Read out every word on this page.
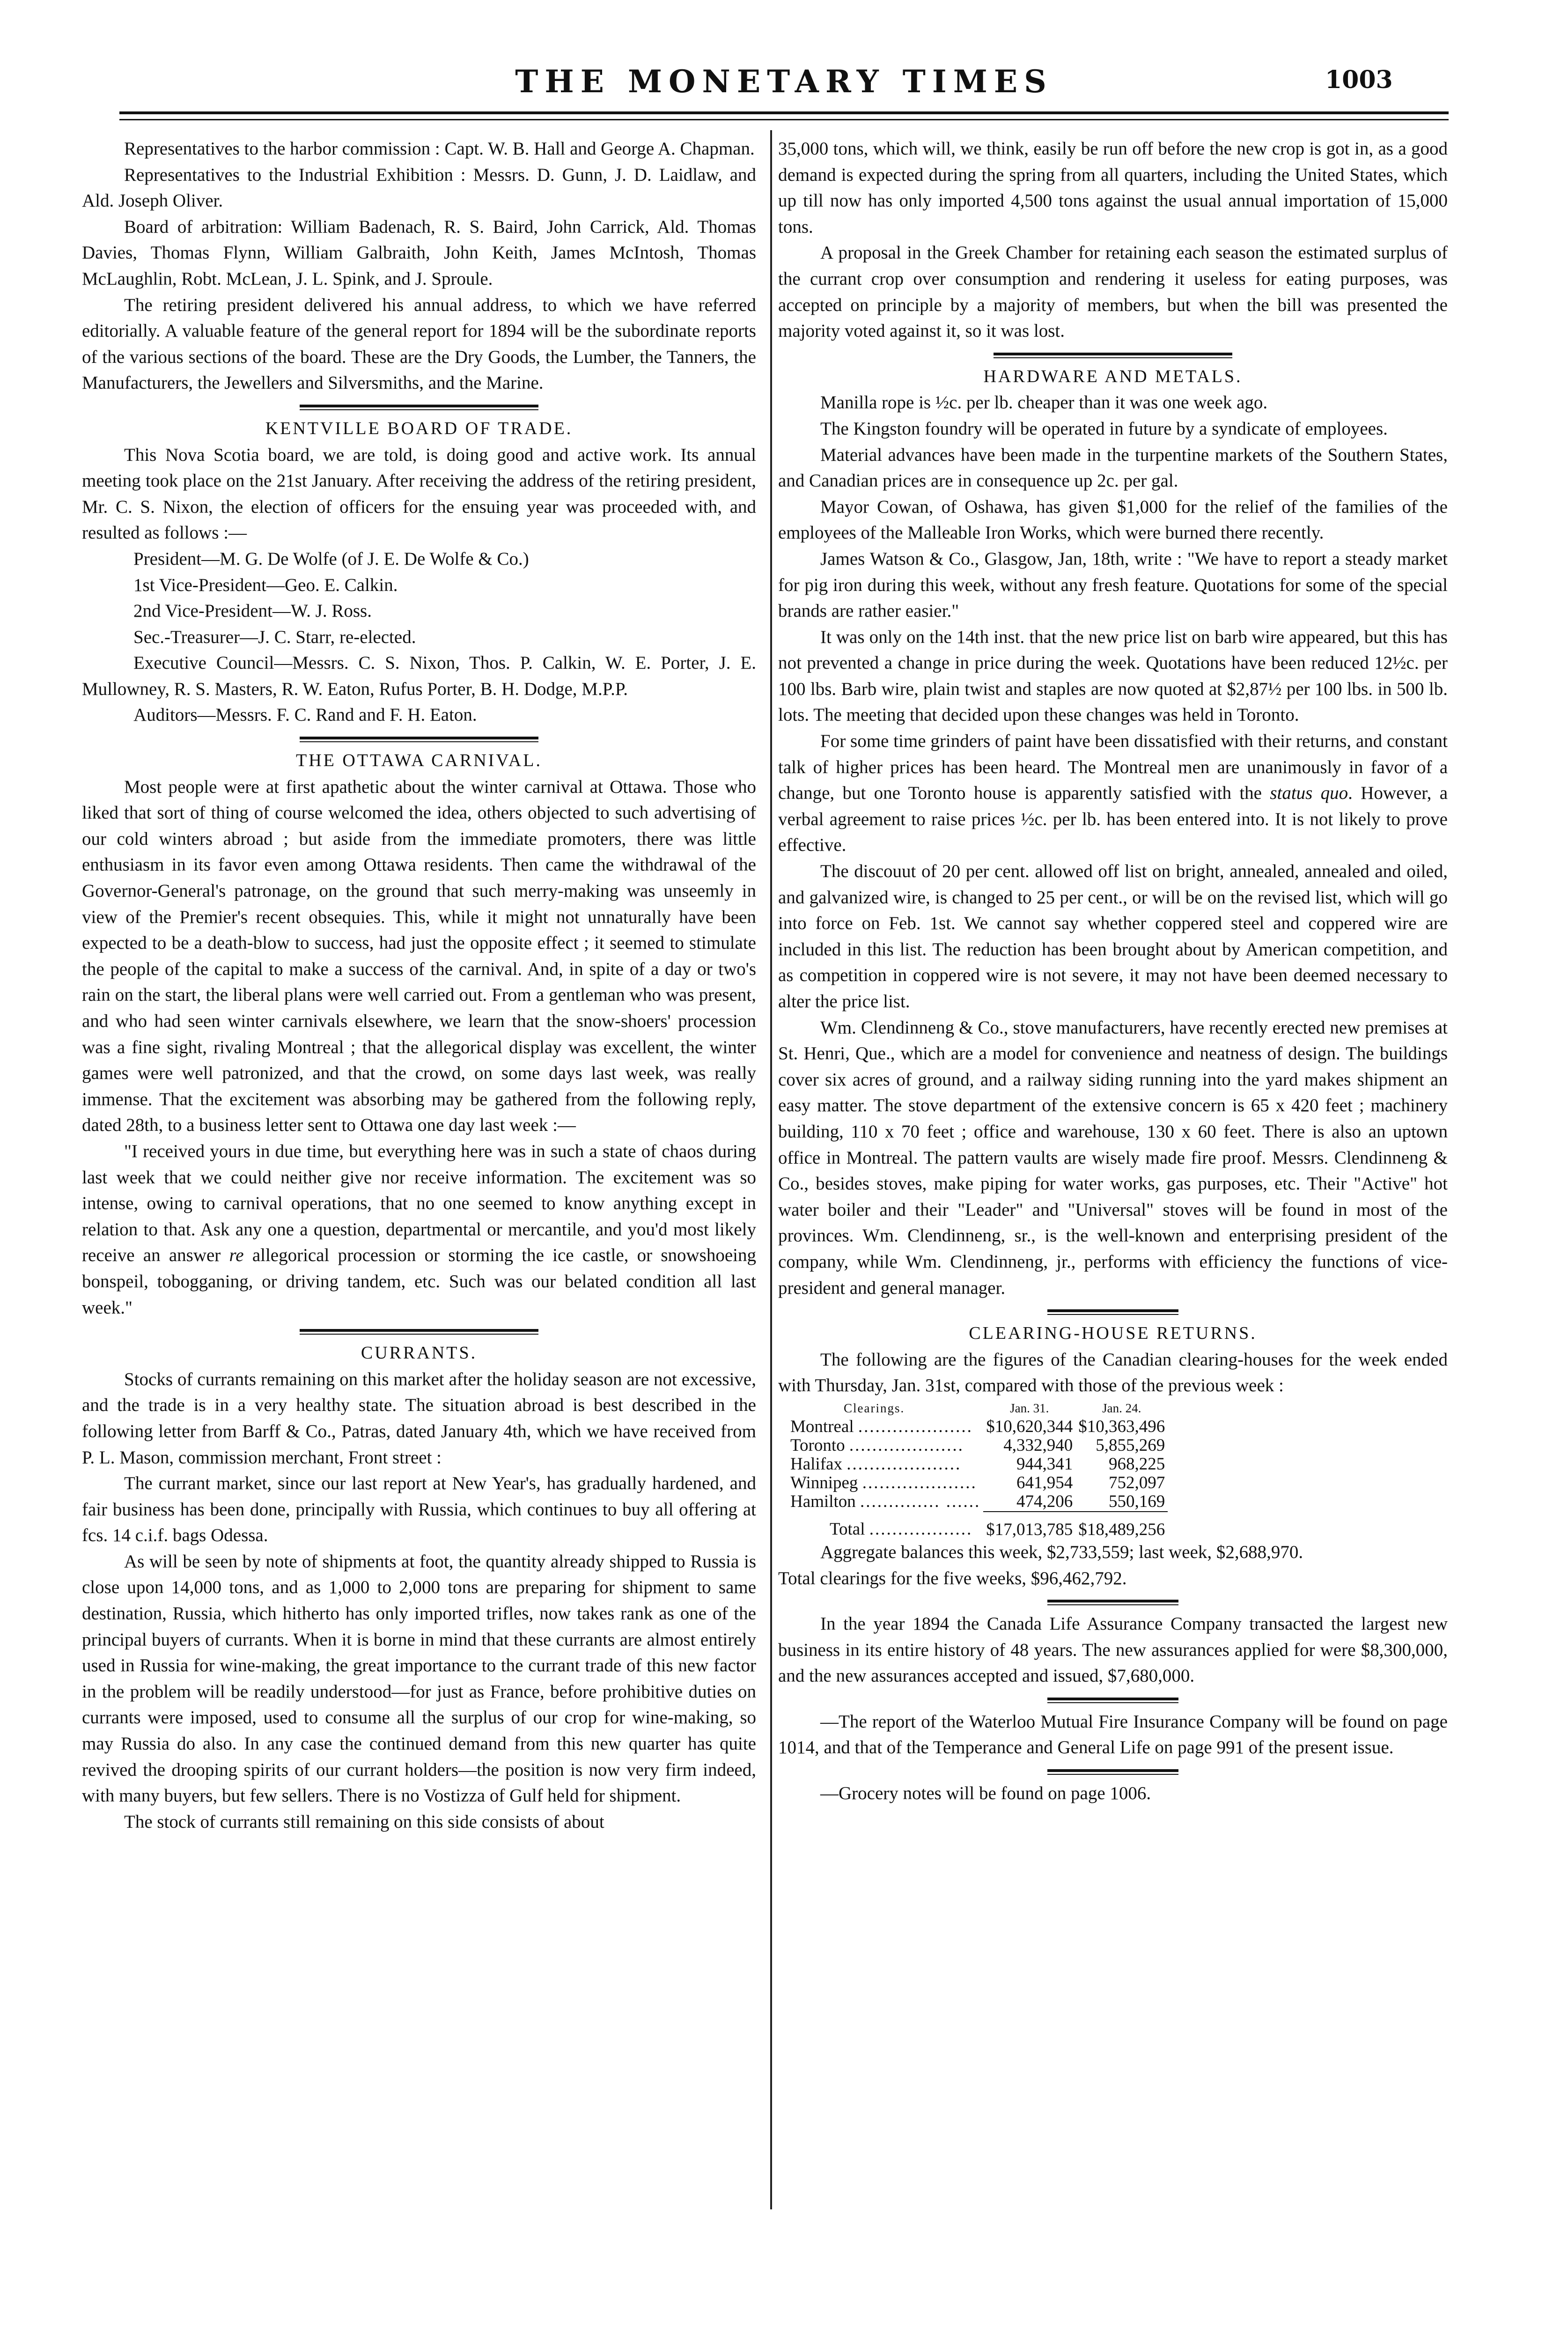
THE MONETARY TIMES	1003

Representatives to the harbor commission : Capt. W. B. Hall and George A. Chapman.

Representatives to the Industrial Exhibition : Messrs. D. Gunn, J. D. Laidlaw, and Ald. Joseph Oliver.

Board of arbitration: William Badenach, R. S. Baird, John Carrick, Ald. Thomas Davies, Thomas Flynn, William Galbraith, John Keith, James McIntosh, Thomas McLaughlin, Robt. McLean, J. L. Spink, and J. Sproule.

The retiring president delivered his annual address, to which we have referred editorially. A valuable feature of the general report for 1894 will be the subordinate reports of the various sections of the board. These are the Dry Goods, the Lumber, the Tanners, the Manufacturers, the Jewellers and Silversmiths, and the Marine.

KENTVILLE BOARD OF TRADE.

This Nova Scotia board, we are told, is doing good and active work. Its annual meeting took place on the 21st January. After receiving the address of the retiring president, Mr. C. S. Nixon, the election of officers for the ensuing year was proceeded with, and resulted as follows :—

President—M. G. De Wolfe (of J. E. De Wolfe & Co.)

1st Vice-President—Geo. E. Calkin.

2nd Vice-President—W. J. Ross.

Sec.-Treasurer—J. C. Starr, re-elected.

Executive Council—Messrs. C. S. Nixon, Thos. P. Calkin, W. E. Porter, J. E. Mullowney, R. S. Masters, R. W. Eaton, Rufus Porter, B. H. Dodge, M.P.P.

Auditors—Messrs. F. C. Rand and F. H. Eaton.

THE OTTAWA CARNIVAL.

Most people were at first apathetic about the winter carnival at Ottawa. Those who liked that sort of thing of course welcomed the idea, others objected to such advertising of our cold winters abroad ; but aside from the immediate promoters, there was little enthusiasm in its favor even among Ottawa residents. Then came the withdrawal of the Governor-General's patronage, on the ground that such merry-making was unseemly in view of the Premier's recent obsequies. This, while it might not unnaturally have been expected to be a death-blow to success, had just the opposite effect ; it seemed to stimulate the people of the capital to make a success of the carnival. And, in spite of a day or two's rain on the start, the liberal plans were well carried out. From a gentleman who was present, and who had seen winter carnivals elsewhere, we learn that the snow-shoers' procession was a fine sight, rivaling Montreal ; that the allegorical display was excellent, the winter games were well patronized, and that the crowd, on some days last week, was really immense. That the excitement was absorbing may be gathered from the following reply, dated 28th, to a business letter sent to Ottawa one day last week :—

"I received yours in due time, but everything here was in such a state of chaos during last week that we could neither give nor receive information. The excitement was so intense, owing to carnival operations, that no one seemed to know anything except in relation to that. Ask any one a question, departmental or mercantile, and you'd most likely receive an answer re allegorical procession or storming the ice castle, or snowshoeing bonspeil, tobogganing, or driving tandem, etc. Such was our belated condition all last week."

CURRANTS.

Stocks of currants remaining on this market after the holiday season are not excessive, and the trade is in a very healthy state. The situation abroad is best described in the following letter from Barff & Co., Patras, dated January 4th, which we have received from P. L. Mason, commission merchant, Front street :

The currant market, since our last report at New Year's, has gradually hardened, and fair business has been done, principally with Russia, which continues to buy all offering at fcs. 14 c.i.f. bags Odessa.

As will be seen by note of shipments at foot, the quantity already shipped to Russia is close upon 14,000 tons, and as 1,000 to 2,000 tons are preparing for shipment to same destination, Russia, which hitherto has only imported trifles, now takes rank as one of the principal buyers of currants. When it is borne in mind that these currants are almost entirely used in Russia for wine-making, the great importance to the currant trade of this new factor in the problem will be readily understood—for just as France, before prohibitive duties on currants were imposed, used to consume all the surplus of our crop for wine-making, so may Russia do also. In any case the continued demand from this new quarter has quite revived the drooping spirits of our currant holders—the position is now very firm indeed, with many buyers, but few sellers. There is no Vostizza of Gulf held for shipment.

The stock of currants still remaining on this side consists of about

35,000 tons, which will, we think, easily be run off before the new crop is got in, as a good demand is expected during the spring from all quarters, including the United States, which up till now has only imported 4,500 tons against the usual annual importation of 15,000 tons.

A proposal in the Greek Chamber for retaining each season the estimated surplus of the currant crop over consumption and rendering it useless for eating purposes, was accepted on principle by a majority of members, but when the bill was presented the majority voted against it, so it was lost.

HARDWARE AND METALS.

Manilla rope is ½c. per lb. cheaper than it was one week ago.

The Kingston foundry will be operated in future by a syndicate of employees.

Material advances have been made in the turpentine markets of the Southern States, and Canadian prices are in consequence up 2c. per gal.

Mayor Cowan, of Oshawa, has given $1,000 for the relief of the families of the employees of the Malleable Iron Works, which were burned there recently.

James Watson & Co., Glasgow, Jan, 18th, write : "We have to report a steady market for pig iron during this week, without any fresh feature. Quotations for some of the special brands are rather easier."

It was only on the 14th inst. that the new price list on barb wire appeared, but this has not prevented a change in price during the week. Quotations have been reduced 12½c. per 100 lbs. Barb wire, plain twist and staples are now quoted at $2,87½ per 100 lbs. in 500 lb. lots. The meeting that decided upon these changes was held in Toronto.

For some time grinders of paint have been dissatisfied with their returns, and constant talk of higher prices has been heard. The Montreal men are unanimously in favor of a change, but one Toronto house is apparently satisfied with the status quo. However, a verbal agreement to raise prices ½c. per lb. has been entered into. It is not likely to prove effective.

The discouut of 20 per cent. allowed off list on bright, annealed, annealed and oiled, and galvanized wire, is changed to 25 per cent., or will be on the revised list, which will go into force on Feb. 1st. We cannot say whether coppered steel and coppered wire are included in this list. The reduction has been brought about by American competition, and as competition in coppered wire is not severe, it may not have been deemed necessary to alter the price list.

Wm. Clendinneng & Co., stove manufacturers, have recently erected new premises at St. Henri, Que., which are a model for convenience and neatness of design. The buildings cover six acres of ground, and a railway siding running into the yard makes shipment an easy matter. The stove department of the extensive concern is 65 x 420 feet ; machinery building, 110 x 70 feet ; office and warehouse, 130 x 60 feet. There is also an uptown office in Montreal. The pattern vaults are wisely made fire proof. Messrs. Clendinneng & Co., besides stoves, make piping for water works, gas purposes, etc. Their "Active" hot water boiler and their "Leader" and "Universal" stoves will be found in most of the provinces. Wm. Clendinneng, sr., is the well-known and enterprising president of the company, while Wm. Clendinneng, jr., performs with efficiency the functions of vice-president and general manager.

CLEARING-HOUSE RETURNS.

The following are the figures of the Canadian clearing-houses for the week ended with Thursday, Jan. 31st, compared with those of the previous week :

Clearings.	Jan. 31.	Jan. 24.
Montreal ....................	$10,620,344	$10,363,496
Toronto ....................	4,332,940	5,855,269
Halifax ....................	944,341	968,225
Winnipeg ....................	641,954	752,097
Hamilton .............. ......	474,206	550,169
Total ..................	$17,013,785	$18,489,256

Aggregate balances this week, $2,733,559; last week, $2,688,970.

Total clearings for the five weeks, $96,462,792.

In the year 1894 the Canada Life Assurance Company transacted the largest new business in its entire history of 48 years. The new assurances applied for were $8,300,000, and the new assurances accepted and issued, $7,680,000.

—The report of the Waterloo Mutual Fire Insurance Company will be found on page 1014, and that of the Temperance and General Life on page 991 of the present issue.

—Grocery notes will be found on page 1006.
